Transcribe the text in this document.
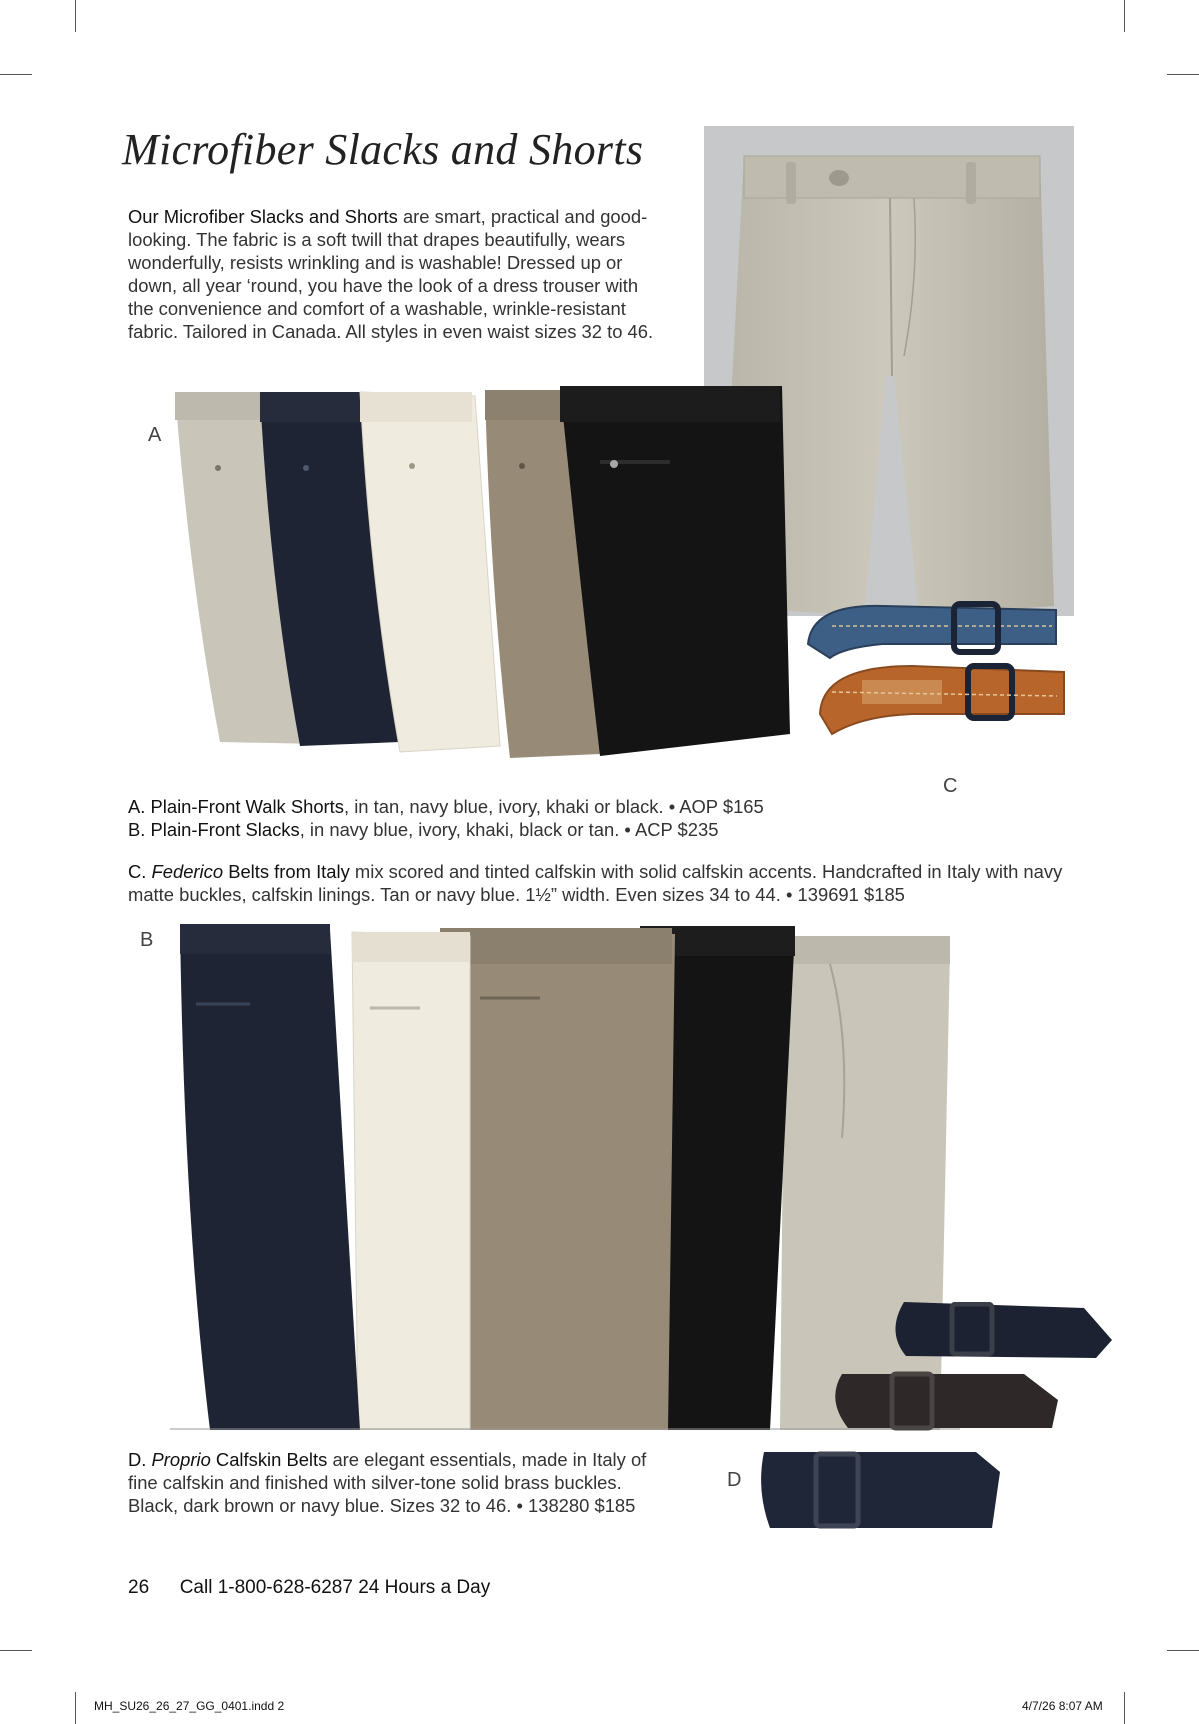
Microfiber Slacks and Shorts
Our Microfiber Slacks and Shorts are smart, practical and good-looking. The fabric is a soft twill that drapes beautifully, wears wonderfully, resists wrinkling and is washable! Dressed up or down, all year ‘round, you have the look of a dress trouser with the convenience and comfort of a washable, wrinkle-resistant fabric. Tailored in Canada. All styles in even waist sizes 32 to 46.
A
C
B
D
A. Plain-Front Walk Shorts, in tan, navy blue, ivory, khaki or black. • AOP $165
B. Plain-Front Slacks, in navy blue, ivory, khaki, black or tan. • ACP $235
C. Federico Belts from Italy mix scored and tinted calfskin with solid calfskin accents. Handcrafted in Italy with navy matte buckles, calfskin linings. Tan or navy blue. 1½” width. Even sizes 34 to 44. • 139691 $185
D. Proprio Calfskin Belts are elegant essentials, made in Italy of fine calfskin and finished with silver-tone solid brass buckles. Black, dark brown or navy blue. Sizes 32 to 46. • 138280 $185
26 Call 1-800-628-6287 24 Hours a Day
MH_SU26_26_27_GG_0401.indd 2	4/7/26 8:07 AM
